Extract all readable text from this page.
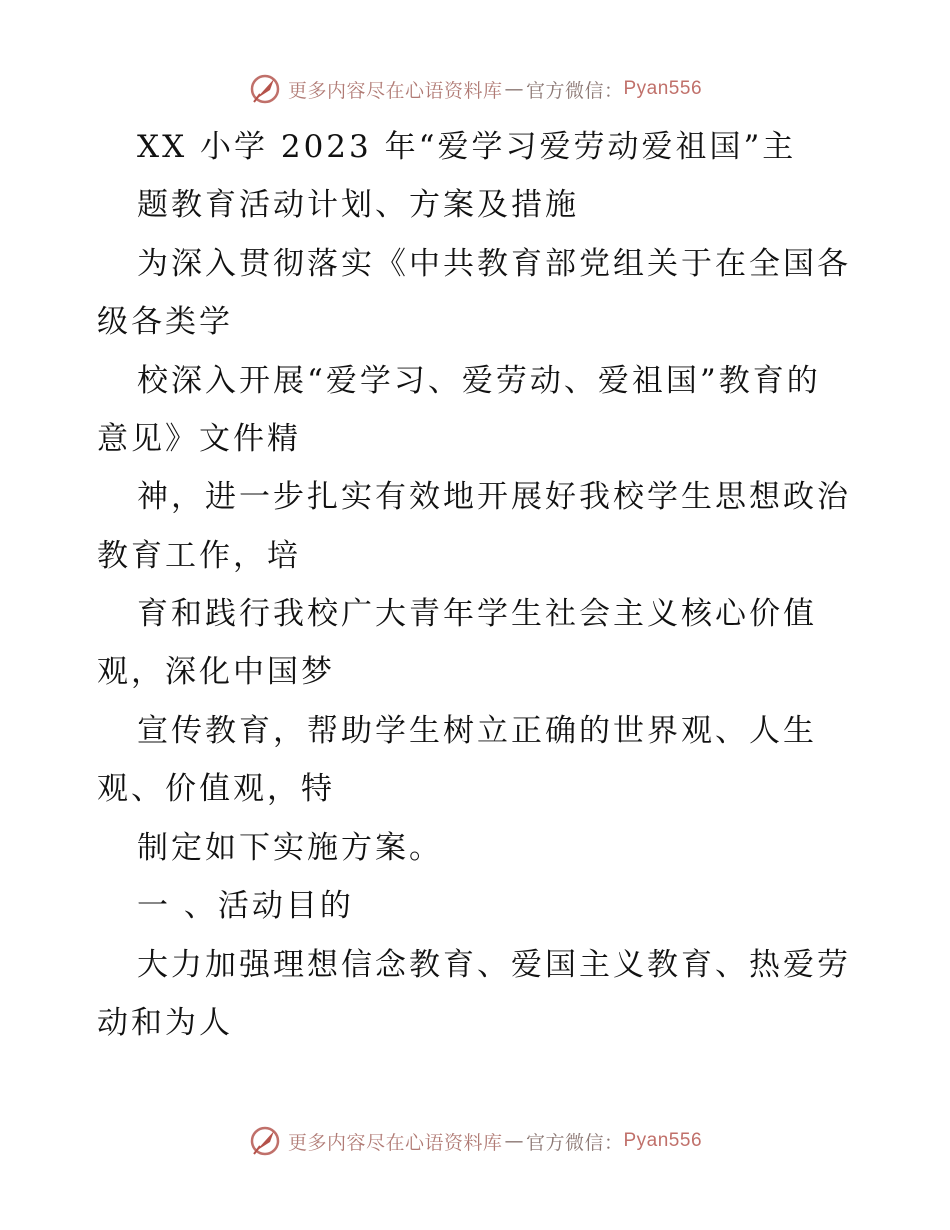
更多内容尽在心语资料库 — 官方微信： Pyan556
XX 小学 2023 年“爱学习爱劳动爱祖国”主
题教育活动计划、方案及措施
为深入贯彻落实《中共教育部党组关于在全国各
级各类学
校深入开展“爱学习、爱劳动、爱祖国”教育的
意见》文件精
神，进一步扎实有效地开展好我校学生思想政治
教育工作，培
育和践行我校广大青年学生社会主义核心价值
观，深化中国梦
宣传教育，帮助学生树立正确的世界观、人生
观、价值观，特
制定如下实施方案。
一 、活动目的
大力加强理想信念教育、爱国主义教育、热爱劳
动和为人
更多内容尽在心语资料库 — 官方微信： Pyan556
